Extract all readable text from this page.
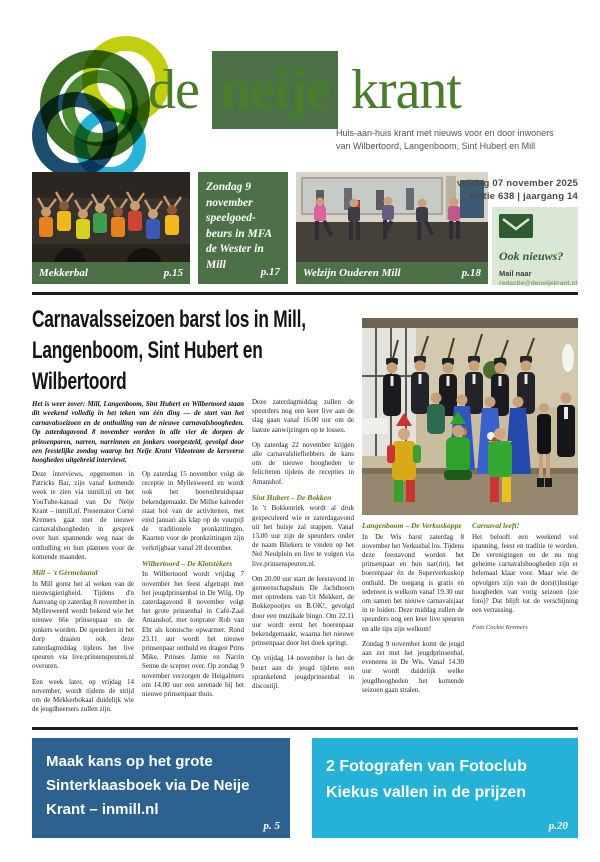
de neije krant
Huis-aan-huis krant met nieuws voor en door inwoners
van Wilbertoord, Langenboom, Sint Hubert en Mill
Mekkerbal	p.15
Zondag 9 november speelgoed-beurs in MFA de Wester in Mill
p.17 Welzijn Ouderen Mill	p.18
vrijdag 07 november 2025
editie 638 | jaargang 14
Ook nieuws?
Mail naar
redactie@deneijekrant.nl
Carnavalsseizoen barst los in Mill,
Langenboom, Sint Hubert en
Wilbertoord
Het is weer zover: Mill, Langenboom, Sint Hubert en Wilbertoord staan dit weekend volledig in het teken van één ding — de start van het carnavalsseizoen en de onthulling van de nieuwe carnavalshoogheden. Op zaterdagavond 8 november worden in alle vier de dorpen de prinsenparen, narren, narrinnen en jonkers voorgesteld, gevolgd door een feestelijke zondag waarop het Neije Krant Videoteam de kersverse hoogheden uitgebreid interviewt.

Deze interviews, opgenomen in Patricks Bar, zijn vanaf komende week te zien via inmill.nl en het YouTube-kanaal van De Neije Krant – inmill.nl. Presentator Corné Kremers gaat met de nieuwe carnavalshoogheden in gesprek over hun spannende weg naar de onthulling en hun plannen voor de komende maanden.

Mill – 't Gèrmelaand

In Mill gonst het al weken van de nieuwsgierigheid. Tijdens d'n Aanvang op zaterdag 8 november in Myllesweerd wordt bekend wie het nieuwe 66e prinsenpaar en de jonkers worden. De speurders in het dorp draaien ook deze zaterdagmiddag tijdens het live speuren via live.prinsenspeuren.nl overuren.

Een week later, op vrijdag 14 november, wordt tijdens de strijd om de Mekkerbokaal duidelijk wie de jeugdheersers zullen zijn.

Op zaterdag 15 november volgt de receptie in Myllesweerd en wordt ook het boerenbruidspaar bekendgemaakt. De Millse kalender staat bol van de activiteiten, met eind januari als klap op de vuurpijl de traditionele pronkzittingen. Kaarten voor de pronkzittingen zijn verkrijgbaar vanaf 28 december.

Wilbertoord – De Klotstèkers

In Wilbertoord wordt vrijdag 7 november het feest afgetrapt met het jeugdprinsenbal in De Wilg. Op zaterdagavond 8 november volgt het grote prinsenbal in Café-Zaal Amanshof, met tonprater Rob van Eht als komische opwarmer. Rond 23.11 uur wordt het nieuwe prinsenpaar onthuld en dragen Prins Mike, Prinses Jamie en Narrin Senne de scepter over. Op zondag 9 november verzorgen de Heigalmers om 14.00 uur een serenade bij het nieuwe prinsenpaar thuis.

Deze zaterdagmiddag zullen de speurders nog een keer live aan de slag gaan vanaf 16.00 uur om de laatste aanwijzingen op te lossen.

Op zaterdag 22 november krijgen alle carnavalsliefhebbers de kans om de nieuwe hoogheden te feliciteren tijdens de recepties in Amanshof.

Sint Hubert – De Bokken

In 't Bokkenriek wordt al druk gespeculeerd wie er zaterdagavond uit het huisje zal stappen. Vanaf 13.00 uur zijn de speurders onder de naam Bliekers te vinden op het Nel Neulplein en live te volgen via live.prinsenspeuren.nl.

Om 20.00 uur start de feestavond in gemeenschapshuis De Jachthoorn met optredens van Ut Mekkert, de Bokkepootjes en B.OK!, gevolgd door een muzikale bingo. Om 22.11 uur wordt eerst het boerenpaar bekendgemaakt, waarna het nieuwe prinsenpaar door het doek springt.

Op vrijdag 14 november is het de beurt aan de jeugd tijdens een sprankelend jeugdprinsenbal in discostijl.

Langenboom – De Verkuskoppe

In De Wis barst zaterdag 8 november het Verkusbal los. Tijdens deze feestavond worden het prinsenpaar en hun nar(rin), het boerenpaar én de Superverkuskop onthuld. De toegang is gratis en iedereen is welkom vanaf 19.30 uur om samen het nieuwe carnavalsjaar in te luiden. Deze middag zullen de speurders nog een keer live speuren en alle tips zijn welkom!

Zondag 9 november komt de jeugd aan zet met het jeugdprinsenbal, eveneens in De Wis. Vanaf 14.30 uur wordt duidelijk welke jeugdhoogheden het komende seizoen gaan stralen.

Carnaval leeft!

Het belooft een weekend vol spanning, feest en traditie te worden. De verenigingen en de nu nog geheime carnavalshoogheden zijn er helemaal klaar voor. Maar wie de opvolgers zijn van de dors(t)lustige hoogheden van vorig seizoen (zie foto)? Dat blijft tot de verschijning een verrassing.

Foto Cockie Kremers
Maak kans op het grote Sinterklaasboek via De Neije Krant – inmill.nl
p. 5
2 Fotografen van Fotoclub Kiekus vallen in de prijzen
p.20
